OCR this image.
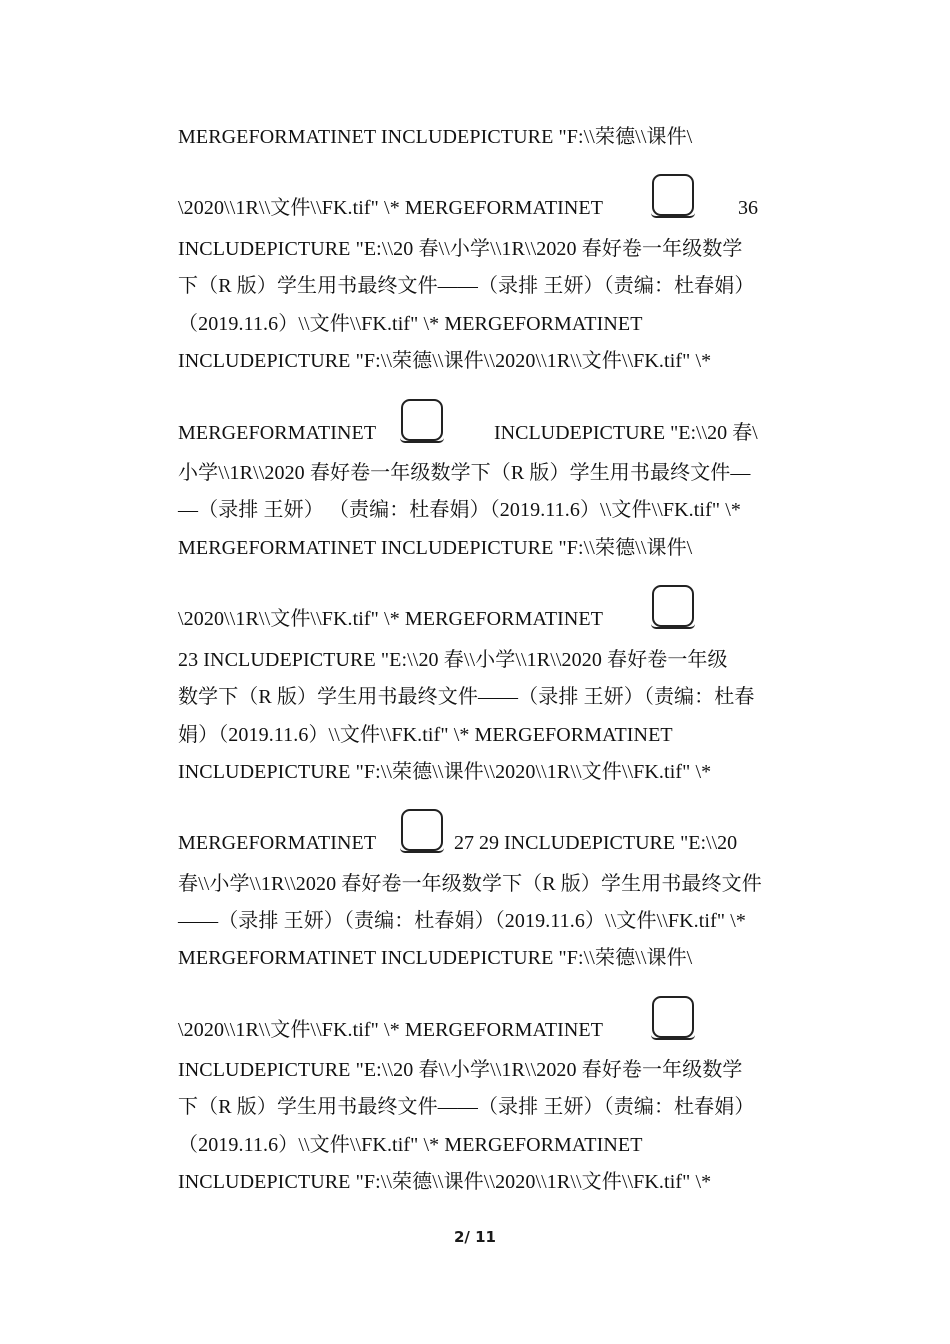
MERGEFORMATINET INCLUDEPICTURE "F:\\荣德\\课件\
\2020\\1R\\文件\\FK.tif" \* MERGEFORMATINET	36
INCLUDEPICTURE "E:\\20 春\\小学\\1R\\2020 春好卷一年级数学
下（R 版）学生用书最终文件——（录排 王妍）（责编：杜春娟）
（2019.11.6）\\文件\\FK.tif" \* MERGEFORMATINET
INCLUDEPICTURE "F:\\荣德\\课件\\2020\\1R\\文件\\FK.tif" \*
MERGEFORMATINET	INCLUDEPICTURE "E:\\20 春\
小学\\1R\\2020 春好卷一年级数学下（R 版）学生用书最终文件—
—（录排 王妍） （责编：杜春娟）（2019.11.6）\\文件\\FK.tif" \*
MERGEFORMATINET INCLUDEPICTURE "F:\\荣德\\课件\
\2020\\1R\\文件\\FK.tif" \* MERGEFORMATINET
23 INCLUDEPICTURE "E:\\20 春\\小学\\1R\\2020 春好卷一年级
数学下（R 版）学生用书最终文件——（录排 王妍）（责编：杜春
娟）（2019.11.6）\\文件\\FK.tif" \* MERGEFORMATINET
INCLUDEPICTURE "F:\\荣德\\课件\\2020\\1R\\文件\\FK.tif" \*
MERGEFORMATINET	27 29 INCLUDEPICTURE "E:\\20
春\\小学\\1R\\2020 春好卷一年级数学下（R 版）学生用书最终文件
——（录排 王妍）（责编：杜春娟）（2019.11.6）\\文件\\FK.tif" \*
MERGEFORMATINET INCLUDEPICTURE "F:\\荣德\\课件\
\2020\\1R\\文件\\FK.tif" \* MERGEFORMATINET
INCLUDEPICTURE "E:\\20 春\\小学\\1R\\2020 春好卷一年级数学
下（R 版）学生用书最终文件——（录排 王妍）（责编：杜春娟）
（2019.11.6）\\文件\\FK.tif" \* MERGEFORMATINET
INCLUDEPICTURE "F:\\荣德\\课件\\2020\\1R\\文件\\FK.tif" \*
2/ 11
